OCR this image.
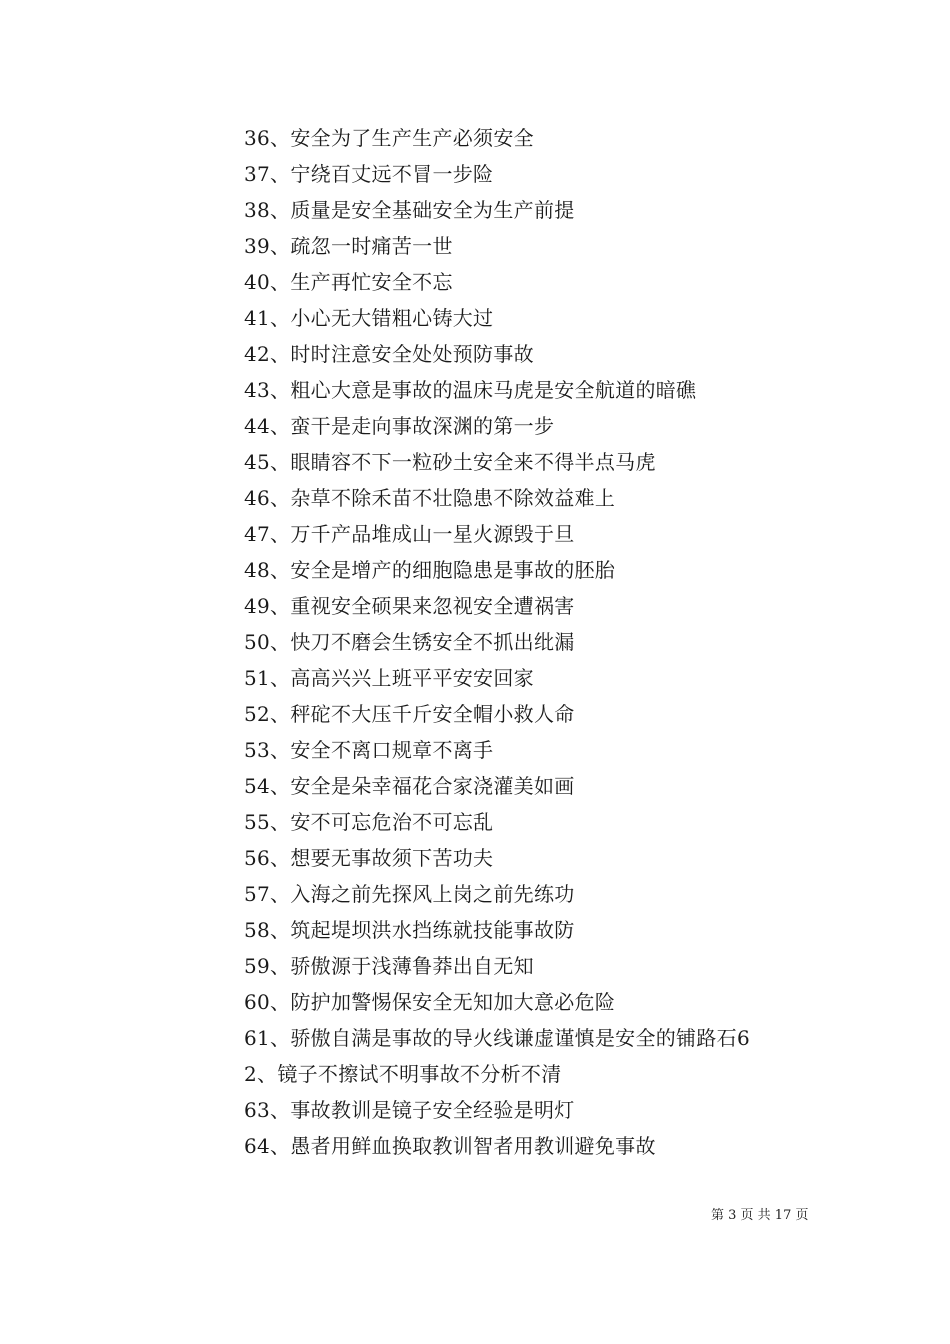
36、安全为了生产生产必须安全
37、宁绕百丈远不冒一步险
38、质量是安全基础安全为生产前提
39、疏忽一时痛苦一世
40、生产再忙安全不忘
41、小心无大错粗心铸大过
42、时时注意安全处处预防事故
43、粗心大意是事故的温床马虎是安全航道的暗礁
44、蛮干是走向事故深渊的第一步
45、眼睛容不下一粒砂土安全来不得半点马虎
46、杂草不除禾苗不壮隐患不除效益难上
47、万千产品堆成山一星火源毁于旦
48、安全是增产的细胞隐患是事故的胚胎
49、重视安全硕果来忽视安全遭祸害
50、快刀不磨会生锈安全不抓出纰漏
51、高高兴兴上班平平安安回家
52、秤砣不大压千斤安全帽小救人命
53、安全不离口规章不离手
54、安全是朵幸福花合家浇灌美如画
55、安不可忘危治不可忘乱
56、想要无事故须下苦功夫
57、入海之前先探风上岗之前先练功
58、筑起堤坝洪水挡练就技能事故防
59、骄傲源于浅薄鲁莽出自无知
60、防护加警惕保安全无知加大意必危险
61、骄傲自满是事故的导火线谦虚谨慎是安全的铺路石6
2、镜子不擦试不明事故不分析不清
63、事故教训是镜子安全经验是明灯
64、愚者用鲜血换取教训智者用教训避免事故
第 3 页 共 17 页
